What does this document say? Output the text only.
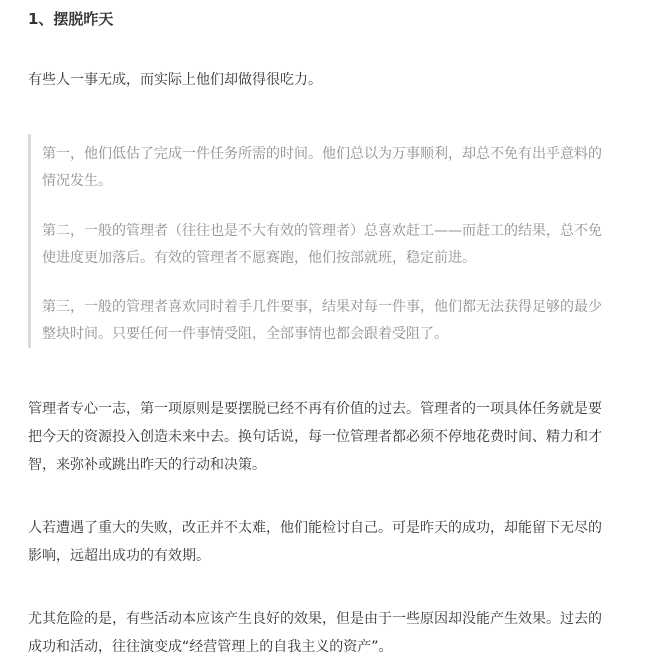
1、摆脱昨天

有些人一事无成，而实际上他们却做得很吃力。

第一，他们低估了完成一件任务所需的时间。他们总以为万事顺利，却总不免有出乎意料的情况发生。

第二，一般的管理者（往往也是不大有效的管理者）总喜欢赶工——而赶工的结果，总不免使进度更加落后。有效的管理者不愿赛跑，他们按部就班，稳定前进。

第三，一般的管理者喜欢同时着手几件要事，结果对每一件事，他们都无法获得足够的最少整块时间。只要任何一件事情受阻，全部事情也都会跟着受阻了。

管理者专心一志，第一项原则是要摆脱已经不再有价值的过去。管理者的一项具体任务就是要把今天的资源投入创造未来中去。换句话说，每一位管理者都必须不停地花费时间、精力和才智，来弥补或跳出昨天的行动和决策。

人若遭遇了重大的失败，改正并不太难，他们能检讨自己。可是昨天的成功，却能留下无尽的影响，远超出成功的有效期。

尤其危险的是，有些活动本应该产生良好的效果，但是由于一些原因却没能产生效果。过去的成功和活动，往往演变成“经营管理上的自我主义的资产”。
